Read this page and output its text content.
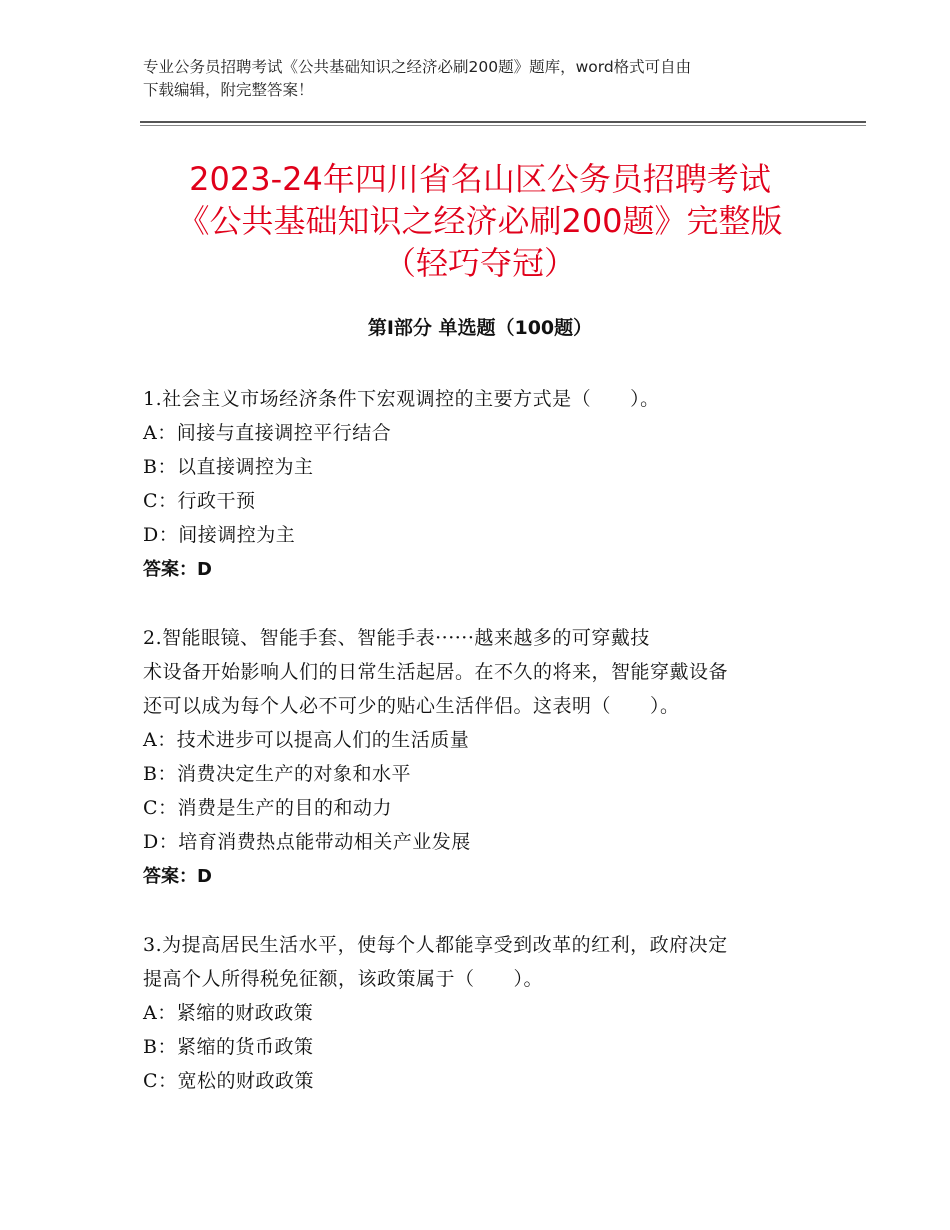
专业公务员招聘考试《公共基础知识之经济必刷200题》题库，word格式可自由
下载编辑，附完整答案！
2023-24年四川省名山区公务员招聘考试
《公共基础知识之经济必刷200题》完整版
（轻巧夺冠）
第Ⅰ部分 单选题（100题）
1.社会主义市场经济条件下宏观调控的主要方式是（　　）。
A：间接与直接调控平行结合
B：以直接调控为主
C：行政干预
D：间接调控为主
答案：D
2.智能眼镜、智能手套、智能手表······越来越多的可穿戴技
术设备开始影响人们的日常生活起居。在不久的将来，智能穿戴设备
还可以成为每个人必不可少的贴心生活伴侣。这表明（　　）。
A：技术进步可以提高人们的生活质量
B：消费决定生产的对象和水平
C：消费是生产的目的和动力
D：培育消费热点能带动相关产业发展
答案：D
3.为提高居民生活水平，使每个人都能享受到改革的红利，政府决定
提高个人所得税免征额，该政策属于（　　）。
A：紧缩的财政政策
B：紧缩的货币政策
C：宽松的财政政策
